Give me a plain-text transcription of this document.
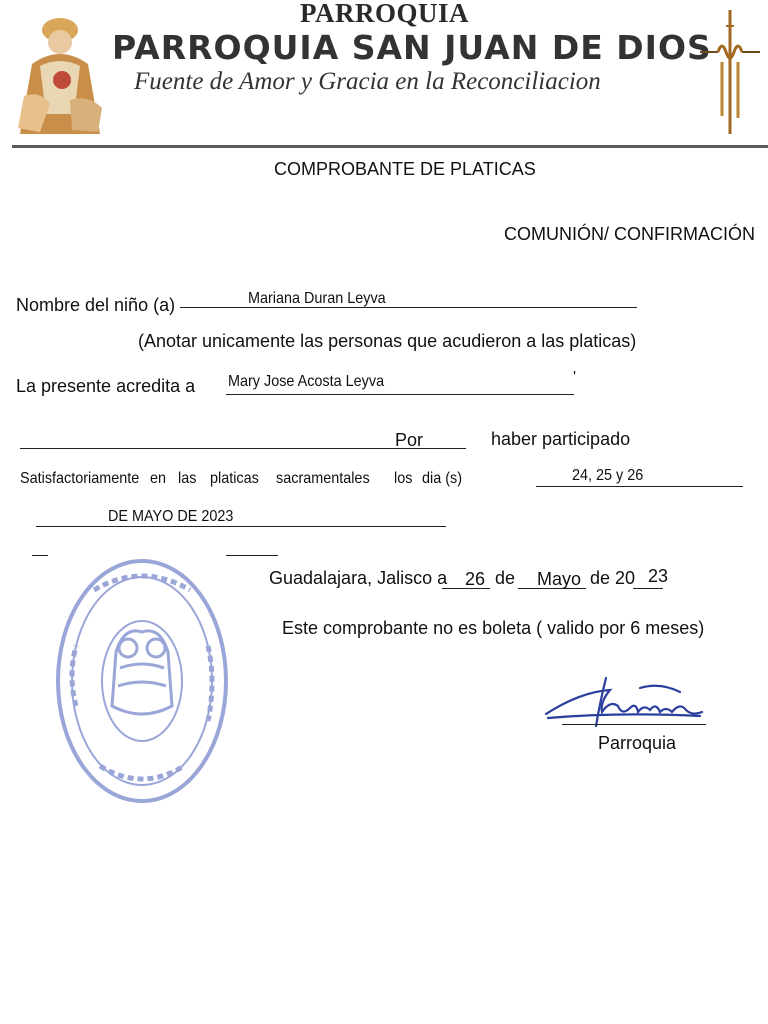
PARROQUIA
PARROQUIA SAN JUAN DE DIOS
Fuente de Amor y Gracia en la Reconciliacion
COMPROBANTE DE PLATICAS
COMUNIÓN/ CONFIRMACIÓN
Nombre del niño (a)	Mariana Duran Leyva
(Anotar unicamente las personas que acudieron a las platicas)
La presente acredita a Mary Jose Acosta Leyva	'
Por	haber participado
Satisfactoriamente en las platicas sacramentales los dia (s)	24, 25 y 26
DE MAYO DE 2023
Guadalajara, Jalisco a 26 de Mayo de 20 23
Este comprobante no es boleta ( valido por 6 meses)
Parroquia
